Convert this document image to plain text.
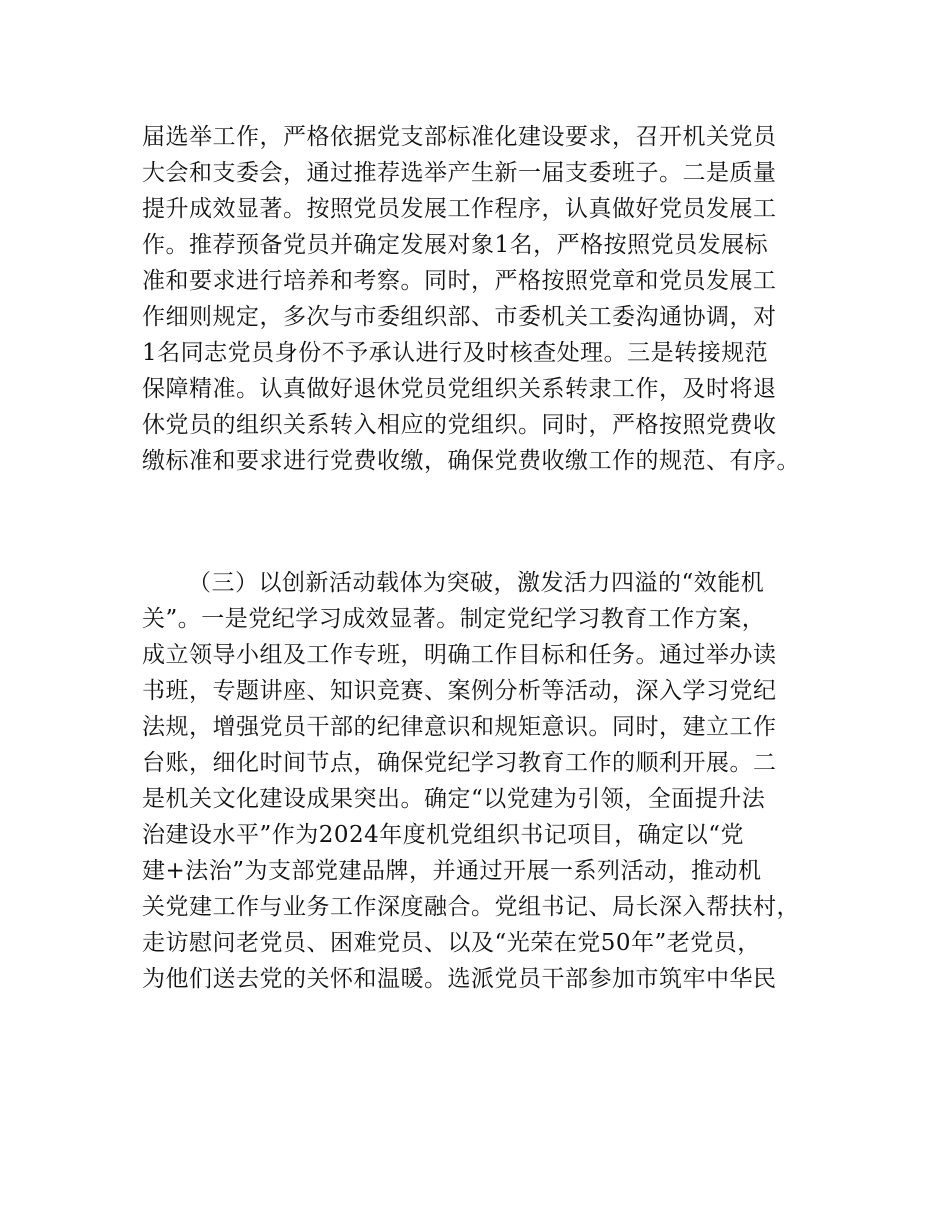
届选举工作，严格依据党支部标准化建设要求，召开机关党员
大会和支委会，通过推荐选举产生新一届支委班子。二是质量
提升成效显著。按照党员发展工作程序，认真做好党员发展工
作。推荐预备党员并确定发展对象1名，严格按照党员发展标
准和要求进行培养和考察。同时，严格按照党章和党员发展工
作细则规定，多次与市委组织部、市委机关工委沟通协调，对
1名同志党员身份不予承认进行及时核查处理。三是转接规范
保障精准。认真做好退休党员党组织关系转隶工作，及时将退
休党员的组织关系转入相应的党组织。同时，严格按照党费收
缴标准和要求进行党费收缴，确保党费收缴工作的规范、有序。
（三）以创新活动载体为突破，激发活力四溢的“效能机
关”。一是党纪学习成效显著。制定党纪学习教育工作方案，
成立领导小组及工作专班，明确工作目标和任务。通过举办读
书班，专题讲座、知识竞赛、案例分析等活动，深入学习党纪
法规，增强党员干部的纪律意识和规矩意识。同时，建立工作
台账，细化时间节点，确保党纪学习教育工作的顺利开展。二
是机关文化建设成果突出。确定“以党建为引领，全面提升法
治建设水平”作为2024年度机党组织书记项目，确定以“党
建+法治”为支部党建品牌，并通过开展一系列活动，推动机
关党建工作与业务工作深度融合。党组书记、局长深入帮扶村，
走访慰问老党员、困难党员、以及“光荣在党50年”老党员，
为他们送去党的关怀和温暖。选派党员干部参加市筑牢中华民
